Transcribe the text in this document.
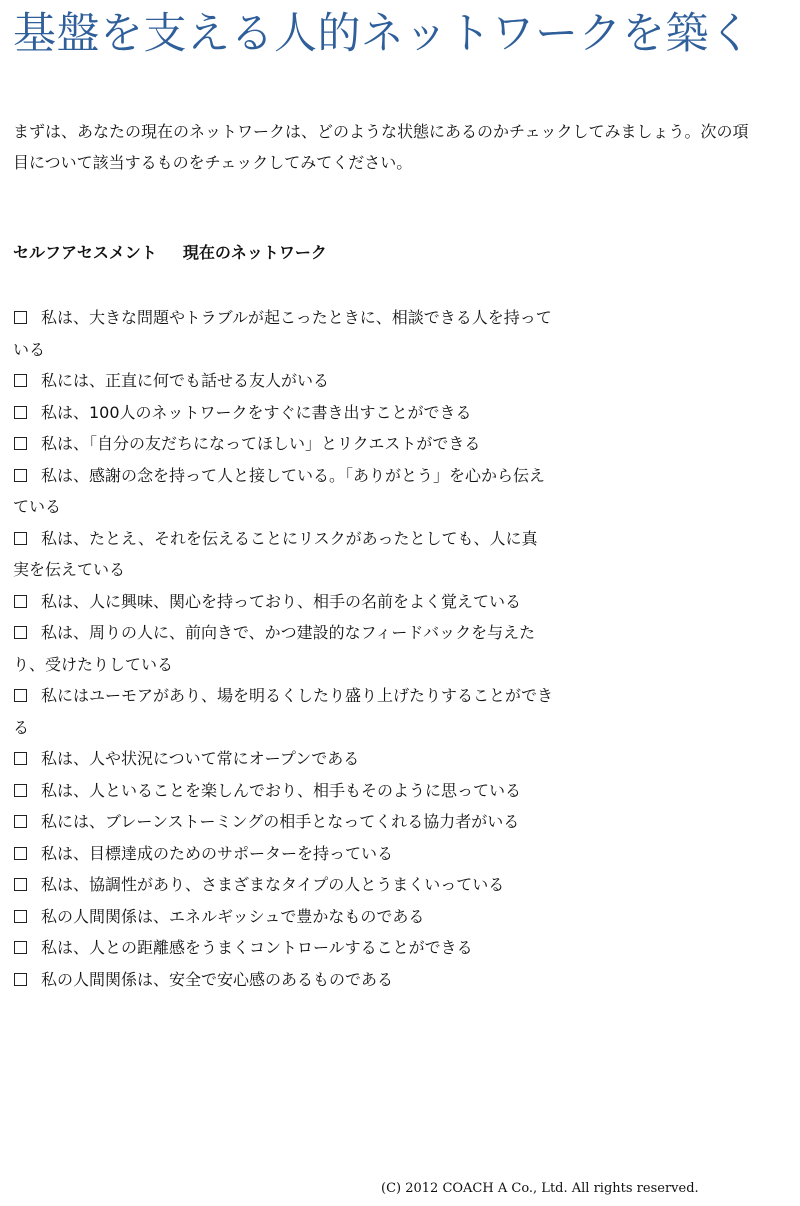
基盤を支える人的ネットワークを築く

まずは、あなたの現在のネットワークは、どのような状態にあるのかチェックしてみましょう。次の項目について該当するものをチェックしてみてください。

セルフアセスメント 現在のネットワーク
私は、大きな問題やトラブルが起こったときに、相談できる人を持っている
私には、正直に何でも話せる友人がいる
私は、100人のネットワークをすぐに書き出すことができる
私は、「自分の友だちになってほしい」とリクエストができる
私は、感謝の念を持って人と接している。「ありがとう」を心から伝えている
私は、たとえ、それを伝えることにリスクがあったとしても、人に真実を伝えている
私は、人に興味、関心を持っており、相手の名前をよく覚えている
私は、周りの人に、前向きで、かつ建設的なフィードバックを与えたり、受けたりしている
私にはユーモアがあり、場を明るくしたり盛り上げたりすることができる
私は、人や状況について常にオープンである
私は、人といることを楽しんでおり、相手もそのように思っている
私には、ブレーンストーミングの相手となってくれる協力者がいる
私は、目標達成のためのサポーターを持っている
私は、協調性があり、さまざまなタイプの人とうまくいっている
私の人間関係は、エネルギッシュで豊かなものである
私は、人との距離感をうまくコントロールすることができる
私の人間関係は、安全で安心感のあるものである
(C) 2012 COACH A Co., Ltd. All rights reserved.
